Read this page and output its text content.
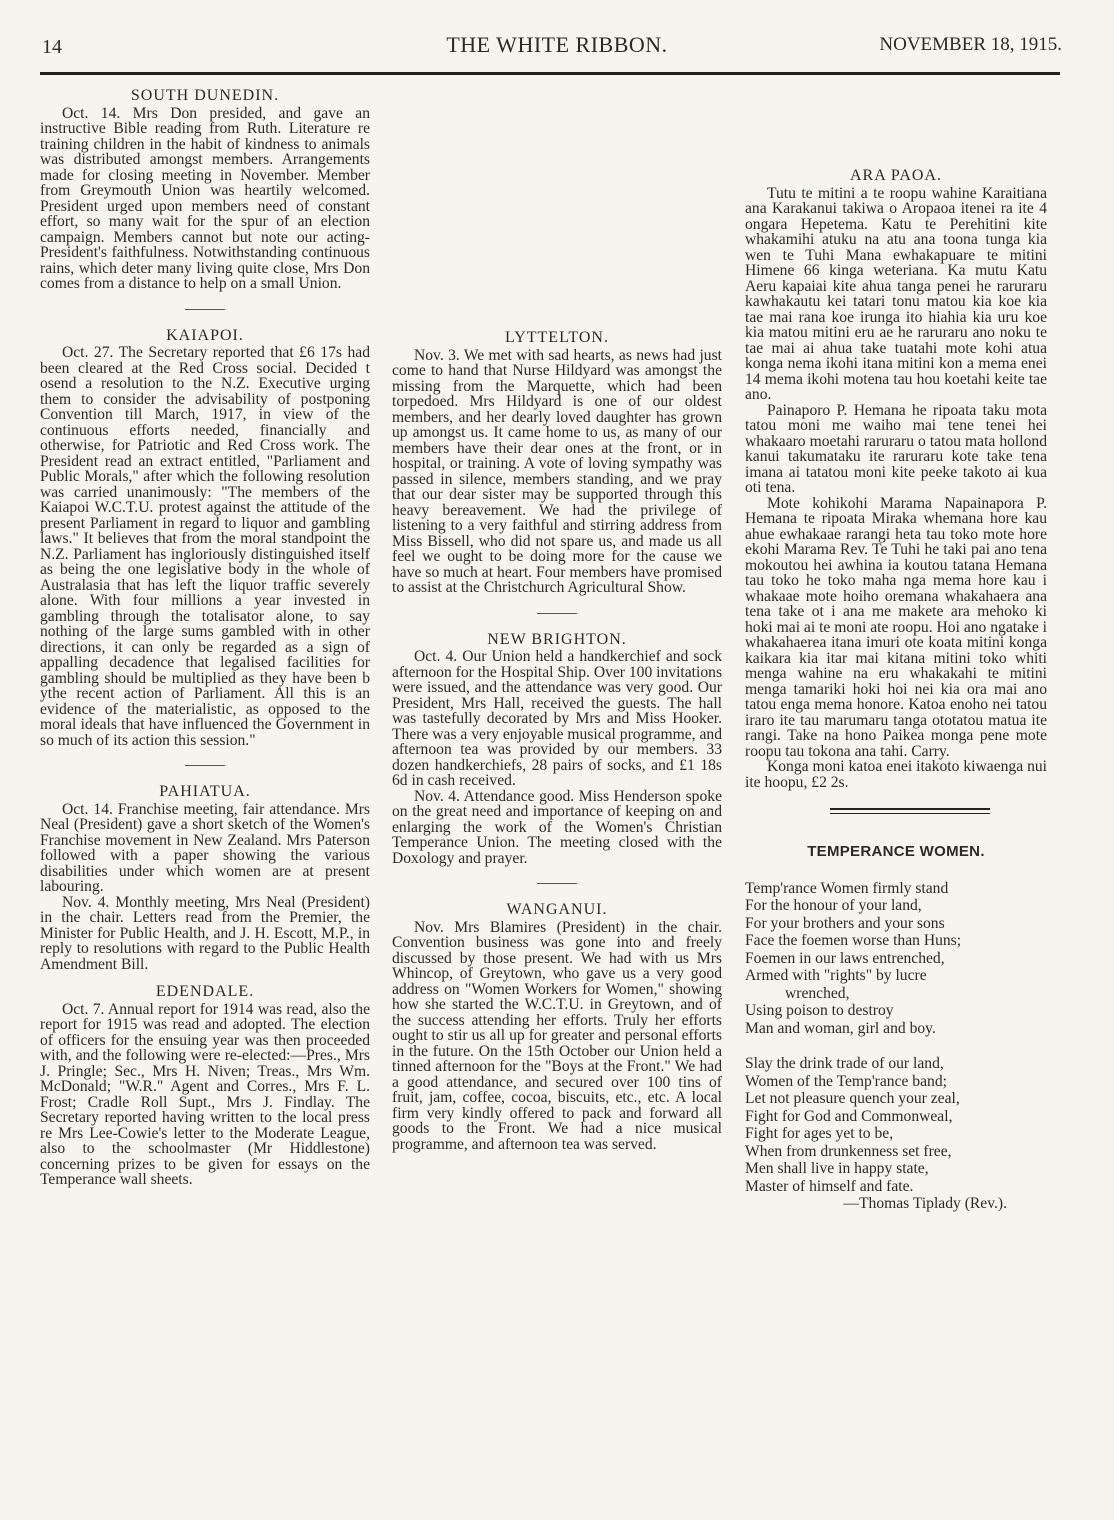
14	THE WHITE RIBBON.	NOVEMBER 18, 1915.
SOUTH DUNEDIN.

Oct. 14. Mrs Don presided, and gave an instructive Bible reading from Ruth. Literature re training children in the habit of kindness to animals was distributed amongst members. Arrangements made for closing meeting in November. Member from Greymouth Union was heartily welcomed. President urged upon members need of constant effort, so many wait for the spur of an election campaign. Members cannot but note our acting-President's faithfulness. Notwithstanding continuous rains, which deter many living quite close, Mrs Don comes from a distance to help on a small Union.

KAIAPOI.

Oct. 27. The Secretary reported that £6 17s had been cleared at the Red Cross social. Decided t osend a resolution to the N.Z. Executive urging them to consider the advisability of postponing Convention till March, 1917, in view of the continuous efforts needed, financially and otherwise, for Patriotic and Red Cross work. The President read an extract entitled, "Parliament and Public Morals," after which the following resolution was carried unanimously: "The members of the Kaiapoi W.C.T.U. protest against the attitude of the present Parliament in regard to liquor and gambling laws." It believes that from the moral standpoint the N.Z. Parliament has ingloriously distinguished itself as being the one legislative body in the whole of Australasia that has left the liquor traffic severely alone. With four millions a year invested in gambling through the totalisator alone, to say nothing of the large sums gambled with in other directions, it can only be regarded as a sign of appalling decadence that legalised facilities for gambling should be multiplied as they have been b ythe recent action of Parliament. All this is an evidence of the materialistic, as opposed to the moral ideals that have influenced the Government in so much of its action this session."

PAHIATUA.

Oct. 14. Franchise meeting, fair attendance. Mrs Neal (President) gave a short sketch of the Women's Franchise movement in New Zealand. Mrs Paterson followed with a paper showing the various disabilities under which women are at present labouring.

Nov. 4. Monthly meeting, Mrs Neal (President) in the chair. Letters read from the Premier, the Minister for Public Health, and J. H. Escott, M.P., in reply to resolutions with regard to the Public Health Amendment Bill.

EDENDALE.

Oct. 7. Annual report for 1914 was read, also the report for 1915 was read and adopted. The election of officers for the ensuing year was then proceeded with, and the following were re-elected:—Pres., Mrs J. Pringle; Sec., Mrs H. Niven; Treas., Mrs Wm. McDonald; "W.R." Agent and Corres., Mrs F. L. Frost; Cradle Roll Supt., Mrs J. Findlay. The Secretary reported having written to the local press re Mrs Lee-Cowie's letter to the Moderate League, also to the schoolmaster (Mr Hiddlestone) concerning prizes to be given for essays on the Temperance wall sheets.

LYTTELTON.

Nov. 3. We met with sad hearts, as news had just come to hand that Nurse Hildyard was amongst the missing from the Marquette, which had been torpedoed. Mrs Hildyard is one of our oldest members, and her dearly loved daughter has grown up amongst us. It came home to us, as many of our members have their dear ones at the front, or in hospital, or training. A vote of loving sympathy was passed in silence, members standing, and we pray that our dear sister may be supported through this heavy bereavement. We had the privilege of listening to a very faithful and stirring address from Miss Bissell, who did not spare us, and made us all feel we ought to be doing more for the cause we have so much at heart. Four members have promised to assist at the Christchurch Agricultural Show.

NEW BRIGHTON.

Oct. 4. Our Union held a handkerchief and sock afternoon for the Hospital Ship. Over 100 invitations were issued, and the attendance was very good. Our President, Mrs Hall, received the guests. The hall was tastefully decorated by Mrs and Miss Hooker. There was a very enjoyable musical programme, and afternoon tea was provided by our members. 33 dozen handkerchiefs, 28 pairs of socks, and £1 18s 6d in cash received.

Nov. 4. Attendance good. Miss Henderson spoke on the great need and importance of keeping on and enlarging the work of the Women's Christian Temperance Union. The meeting closed with the Doxology and prayer.

WANGANUI.

Nov. Mrs Blamires (President) in the chair. Convention business was gone into and freely discussed by those present. We had with us Mrs Whincop, of Greytown, who gave us a very good address on "Women Workers for Women," showing how she started the W.C.T.U. in Greytown, and of the success attending her efforts. Truly her efforts ought to stir us all up for greater and personal efforts in the future. On the 15th October our Union held a tinned afternoon for the "Boys at the Front." We had a good attendance, and secured over 100 tins of fruit, jam, coffee, cocoa, biscuits, etc., etc. A local firm very kindly offered to pack and forward all goods to the Front. We had a nice musical programme, and afternoon tea was served.

ARA PAOA.

Tutu te mitini a te roopu wahine Karaitiana ana Karakanui takiwa o Aropaoa itenei ra ite 4 ongara Hepetema. Katu te Perehitini kite whakamihi atuku na atu ana toona tunga kia wen te Tuhi Mana ewhakapuare te mitini Himene 66 kinga weteriana. Ka mutu Katu Aeru kapaiai kite ahua tanga penei he raruraru kawhakautu kei tatari tonu matou kia koe kia tae mai rana koe irunga ito hiahia kia uru koe kia matou mitini eru ae he raruraru ano noku te tae mai ai ahua take tuatahi mote kohi atua konga nema ikohi itana mitini kon a mema enei 14 mema ikohi motena tau hou koetahi keite tae ano.

Painaporo P. Hemana he ripoata taku mota tatou moni me waiho mai tene tenei hei whakaaro moetahi raruraru o tatou mata hollond kanui takumataku ite raruraru kote take tena imana ai tatatou moni kite peeke takoto ai kua oti tena.

Mote kohikohi Marama Napainapora P. Hemana te ripoata Miraka whemana hore kau ahue ewhakaae rarangi heta tau toko mote hore ekohi Marama Rev. Te Tuhi he taki pai ano tena mokoutou hei awhina ia koutou tatana Hemana tau toko he toko maha nga mema hore kau i whakaae mote hoiho oremana whakahaera ana tena take ot i ana me makete ara mehoko ki hoki mai ai te moni ate roopu. Hoi ano ngatake i whakahaerea itana imuri ote koata mitini konga kaikara kia itar mai kitana mitini toko whiti menga wahine na eru whakakahi te mitini menga tamariki hoki hoi nei kia ora mai ano tatou enga mema honore. Katoa enoho nei tatou iraro ite tau marumaru tanga ototatou matua ite rangi. Take na hono Paikea monga pene mote roopu tau tokona ana tahi. Carry.

Konga moni katoa enei itakoto kiwaenga nui ite hoopu, £2 2s.

TEMPERANCE WOMEN.
Temp'rance Women firmly stand
For the honour of your land,
For your brothers and your sons
Face the foemen worse than Huns;
Foemen in our laws entrenched,
Armed with "rights" by lucre
wrenched,
Using poison to destroy
Man and woman, girl and boy.
Slay the drink trade of our land,
Women of the Temp'rance band;
Let not pleasure quench your zeal,
Fight for God and Commonweal,
Fight for ages yet to be,
When from drunkenness set free,
Men shall live in happy state,
Master of himself and fate.
—Thomas Tiplady (Rev.).
